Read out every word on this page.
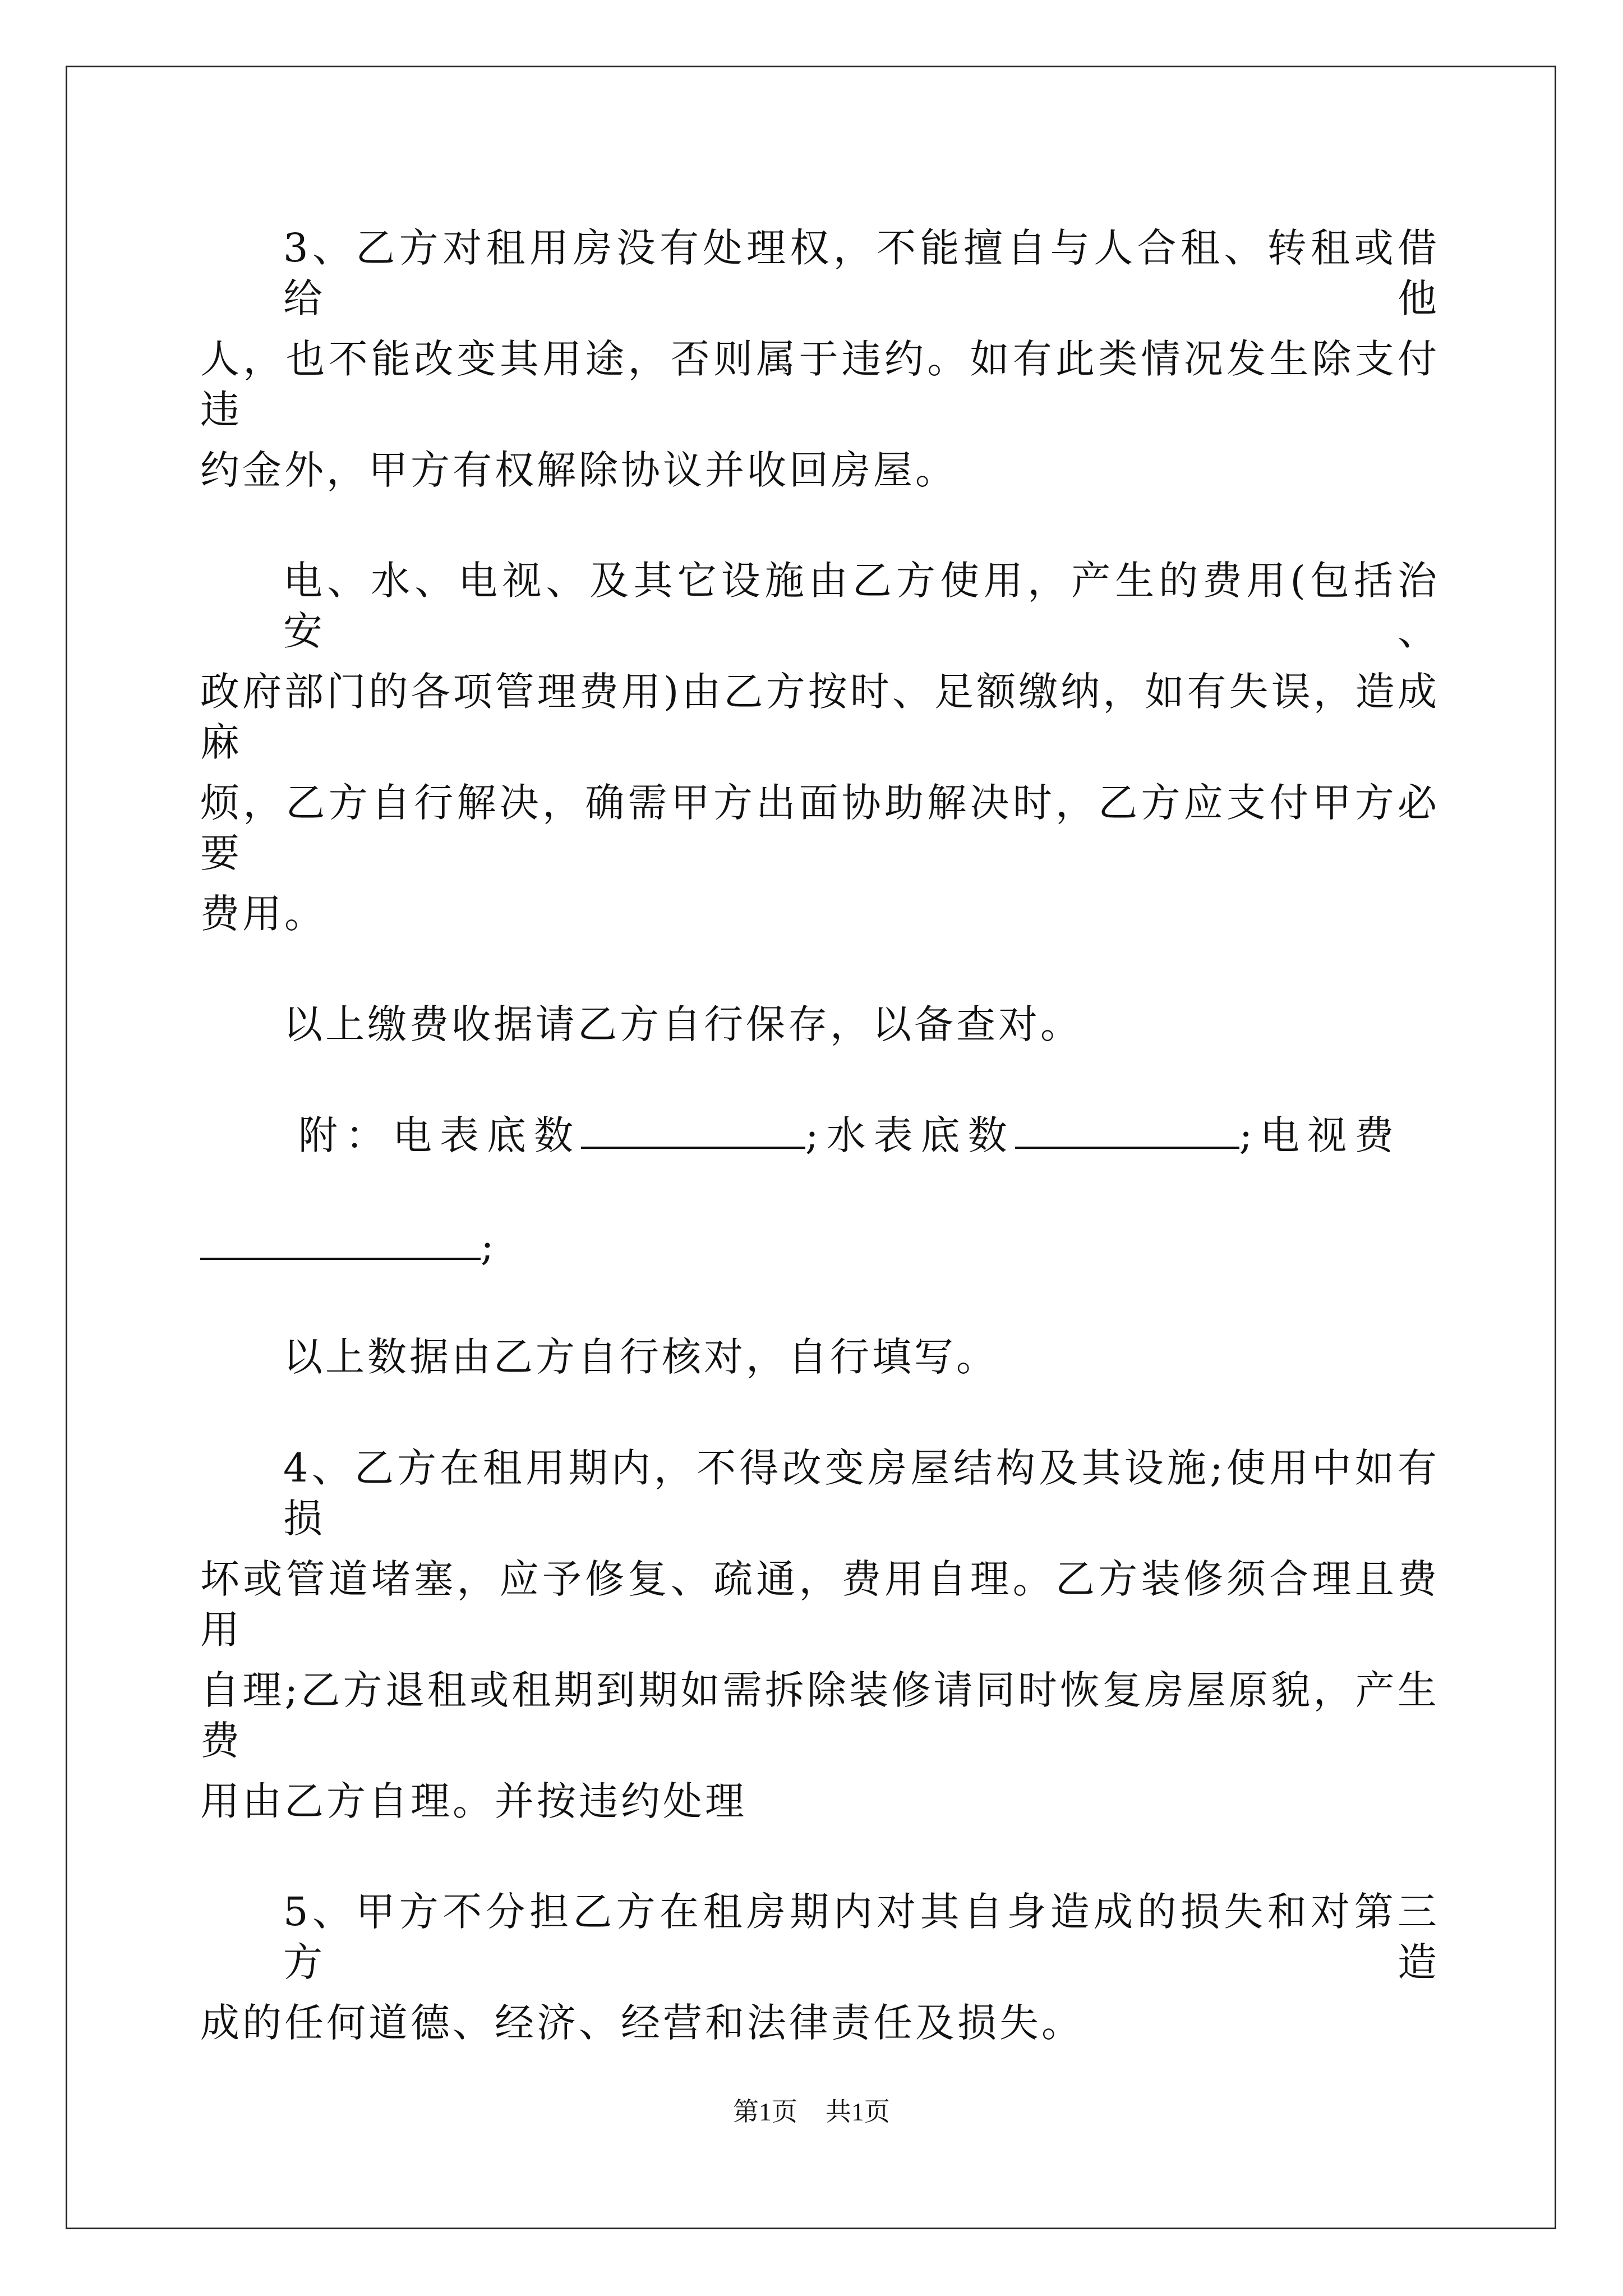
3、乙方对租用房没有处理权，不能擅自与人合租、转租或借给他
人，也不能改变其用途，否则属于违约。如有此类情况发生除支付违
约金外，甲方有权解除协议并收回房屋。
电、水、电视、及其它设施由乙方使用，产生的费用(包括治安、
政府部门的各项管理费用)由乙方按时、足额缴纳，如有失误，造成麻
烦，乙方自行解决，确需甲方出面协助解决时，乙方应支付甲方必要
费用。
以上缴费收据请乙方自行保存，以备查对。
附：电表底数	;水表底数	;电视费
;
以上数据由乙方自行核对，自行填写。
4、乙方在租用期内，不得改变房屋结构及其设施;使用中如有损
坏或管道堵塞，应予修复、疏通，费用自理。乙方装修须合理且费用
自理;乙方退租或租期到期如需拆除装修请同时恢复房屋原貌，产生费
用由乙方自理。并按违约处理
5、甲方不分担乙方在租房期内对其自身造成的损失和对第三方造
成的任何道德、经济、经营和法律责任及损失。
第1页 共1页
